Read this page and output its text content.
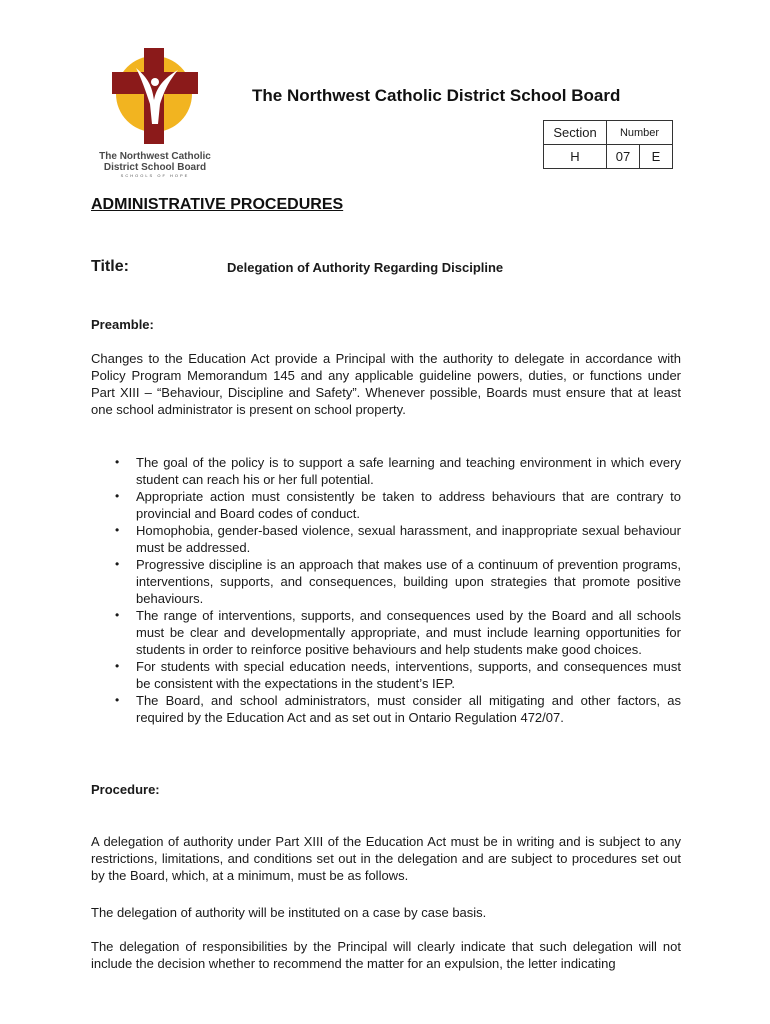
The Northwest Catholic
District School Board
SCHOOLS OF HOPE
The Northwest Catholic District School Board
Section	Number	
H	07	E
ADMINISTRATIVE PROCEDURES
Title:	Delegation of Authority Regarding Discipline
Preamble:
Changes to the Education Act provide a Principal with the authority to delegate in accordance with Policy Program Memorandum 145 and any applicable guideline powers, duties, or functions under Part XIII – “Behaviour, Discipline and Safety”. Whenever possible, Boards must ensure that at least one school administrator is present on school property.
• The goal of the policy is to support a safe learning and teaching environment in which every student can reach his or her full potential.
• Appropriate action must consistently be taken to address behaviours that are contrary to provincial and Board codes of conduct.
• Homophobia, gender-based violence, sexual harassment, and inappropriate sexual behaviour must be addressed.
• Progressive discipline is an approach that makes use of a continuum of prevention programs, interventions, supports, and consequences, building upon strategies that promote positive behaviours.
• The range of interventions, supports, and consequences used by the Board and all schools must be clear and developmentally appropriate, and must include learning opportunities for students in order to reinforce positive behaviours and help students make good choices.
• For students with special education needs, interventions, supports, and consequences must be consistent with the expectations in the student’s IEP.
• The Board, and school administrators, must consider all mitigating and other factors, as required by the Education Act and as set out in Ontario Regulation 472/07.
Procedure:
A delegation of authority under Part XIII of the Education Act must be in writing and is subject to any restrictions, limitations, and conditions set out in the delegation and are subject to procedures set out by the Board, which, at a minimum, must be as follows.
The delegation of authority will be instituted on a case by case basis.
The delegation of responsibilities by the Principal will clearly indicate that such delegation will not include the decision whether to recommend the matter for an expulsion, the letter indicating
